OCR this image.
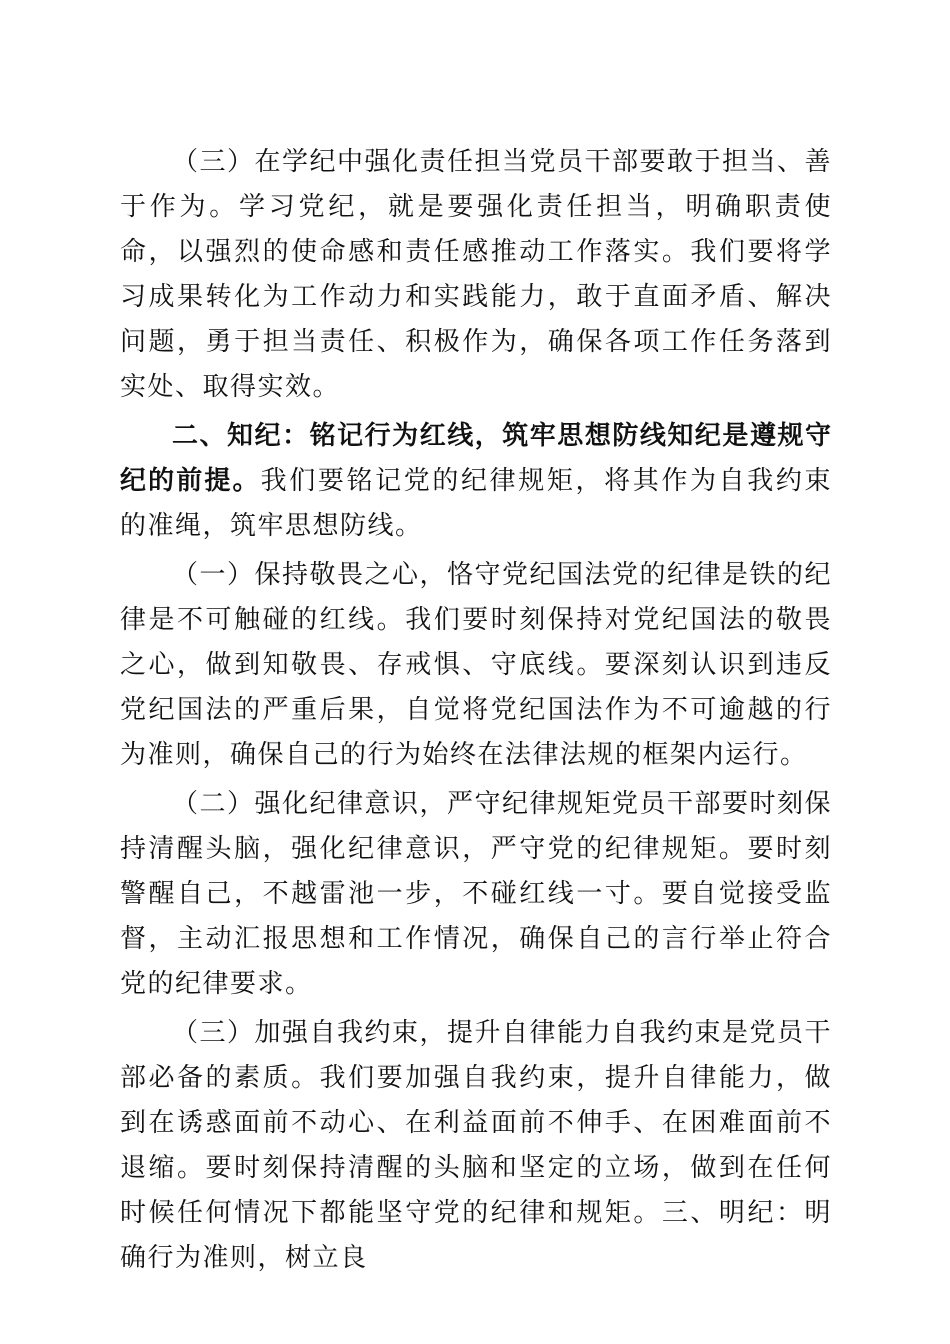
（三）在学纪中强化责任担当党员干部要敢于担当、善于作为。学习党纪，就是要强化责任担当，明确职责使命，以强烈的使命感和责任感推动工作落实。我们要将学习成果转化为工作动力和实践能力，敢于直面矛盾、解决问题，勇于担当责任、积极作为，确保各项工作任务落到实处、取得实效。

二、知纪：铭记行为红线，筑牢思想防线知纪是遵规守纪的前提。我们要铭记党的纪律规矩，将其作为自我约束的准绳，筑牢思想防线。

（一）保持敬畏之心，恪守党纪国法党的纪律是铁的纪律是不可触碰的红线。我们要时刻保持对党纪国法的敬畏之心，做到知敬畏、存戒惧、守底线。要深刻认识到违反党纪国法的严重后果，自觉将党纪国法作为不可逾越的行为准则，确保自己的行为始终在法律法规的框架内运行。

（二）强化纪律意识，严守纪律规矩党员干部要时刻保持清醒头脑，强化纪律意识，严守党的纪律规矩。要时刻警醒自己，不越雷池一步，不碰红线一寸。要自觉接受监督，主动汇报思想和工作情况，确保自己的言行举止符合党的纪律要求。

（三）加强自我约束，提升自律能力自我约束是党员干部必备的素质。我们要加强自我约束，提升自律能力，做到在诱惑面前不动心、在利益面前不伸手、在困难面前不退缩。要时刻保持清醒的头脑和坚定的立场，做到在任何时候任何情况下都能坚守党的纪律和规矩。三、明纪：明确行为准则，树立良
